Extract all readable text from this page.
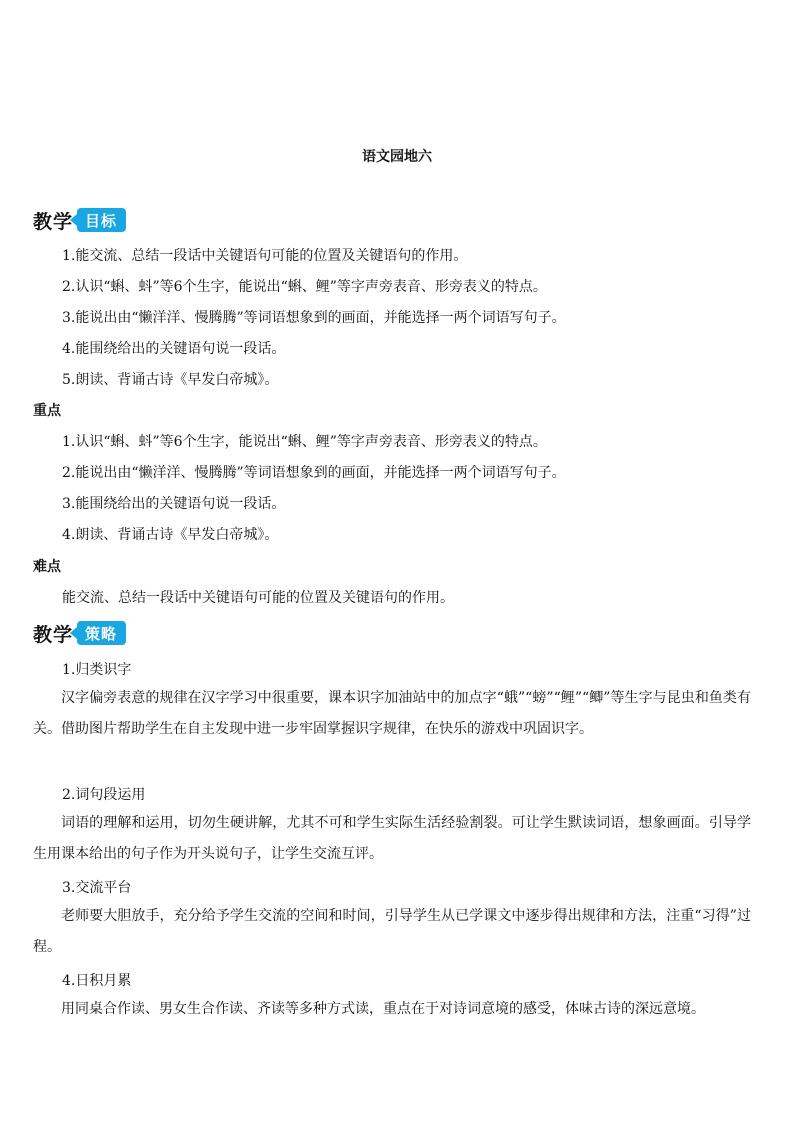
语文园地六
教学 目标
1.能交流、总结一段话中关键语句可能的位置及关键语句的作用。
2.认识“蝌、蚪”等6个生字，能说出“蝌、鲤”等字声旁表音、形旁表义的特点。
3.能说出由“懒洋洋、慢腾腾”等词语想象到的画面，并能选择一两个词语写句子。
4.能围绕给出的关键语句说一段话。
5.朗读、背诵古诗《早发白帝城》。
重点
1.认识“蝌、蚪”等6个生字，能说出“蝌、鲤”等字声旁表音、形旁表义的特点。
2.能说出由“懒洋洋、慢腾腾”等词语想象到的画面，并能选择一两个词语写句子。
3.能围绕给出的关键语句说一段话。
4.朗读、背诵古诗《早发白帝城》。
难点
能交流、总结一段话中关键语句可能的位置及关键语句的作用。
教学 策略
1.归类识字

汉字偏旁表意的规律在汉字学习中很重要，课本识字加油站中的加点字“蛾”“螃”“鲤”“鲫”等生字与昆虫和鱼类有关。借助图片帮助学生在自主发现中进一步牢固掌握识字规律，在快乐的游戏中巩固识字。

2.词句段运用

词语的理解和运用，切勿生硬讲解，尤其不可和学生实际生活经验割裂。可让学生默读词语，想象画面。引导学生用课本给出的句子作为开头说句子，让学生交流互评。

3.交流平台

老师要大胆放手，充分给予学生交流的空间和时间，引导学生从已学课文中逐步得出规律和方法，注重“习得”过程。

4.日积月累

用同桌合作读、男女生合作读、齐读等多种方式读，重点在于对诗词意境的感受，体味古诗的深远意境。
